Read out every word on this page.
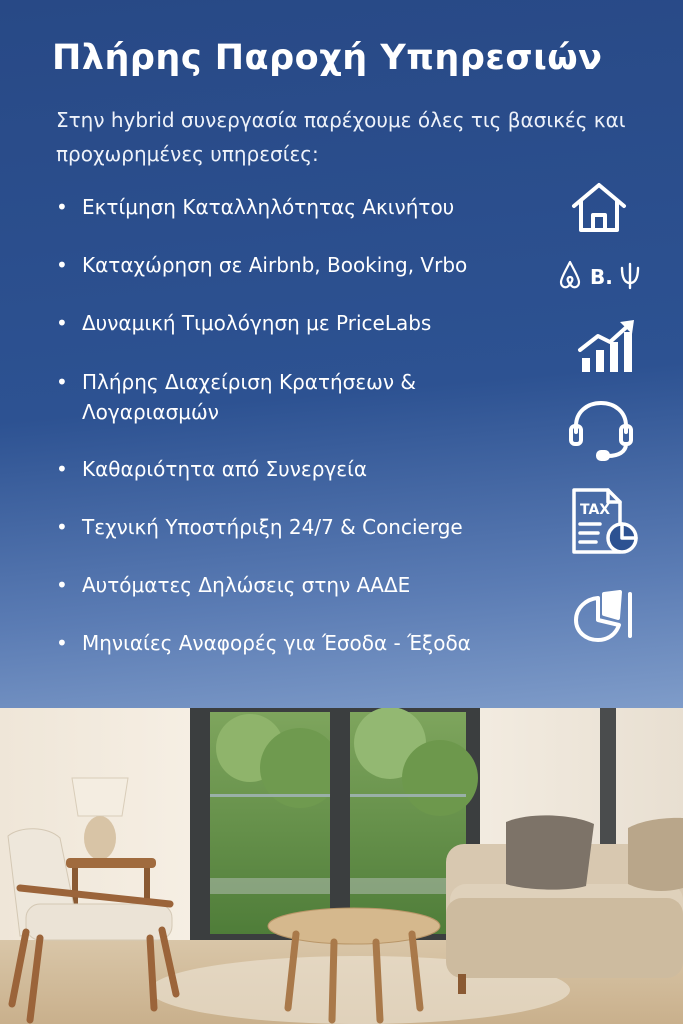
Πλήρης Παροχή Υπηρεσιών
Στην hybrid συνεργασία παρέχουμε όλες τις βασικές και προχωρημένες υπηρεσίες:
• Εκτίμηση Καταλληλότητας Ακινήτου
• Καταχώρηση σε Airbnb, Booking, Vrbo
• Δυναμική Τιμολόγηση με PriceLabs
• Πλήρης Διαχείριση Κρατήσεων & Λογαριασμών
• Καθαριότητα από Συνεργεία
• Τεχνική Υποστήριξη 24/7 & Concierge
• Αυτόματες Δηλώσεις στην ΑΑΔΕ
• Μηνιαίες Αναφορές για Έσοδα - Έξοδα
B.
TAX
